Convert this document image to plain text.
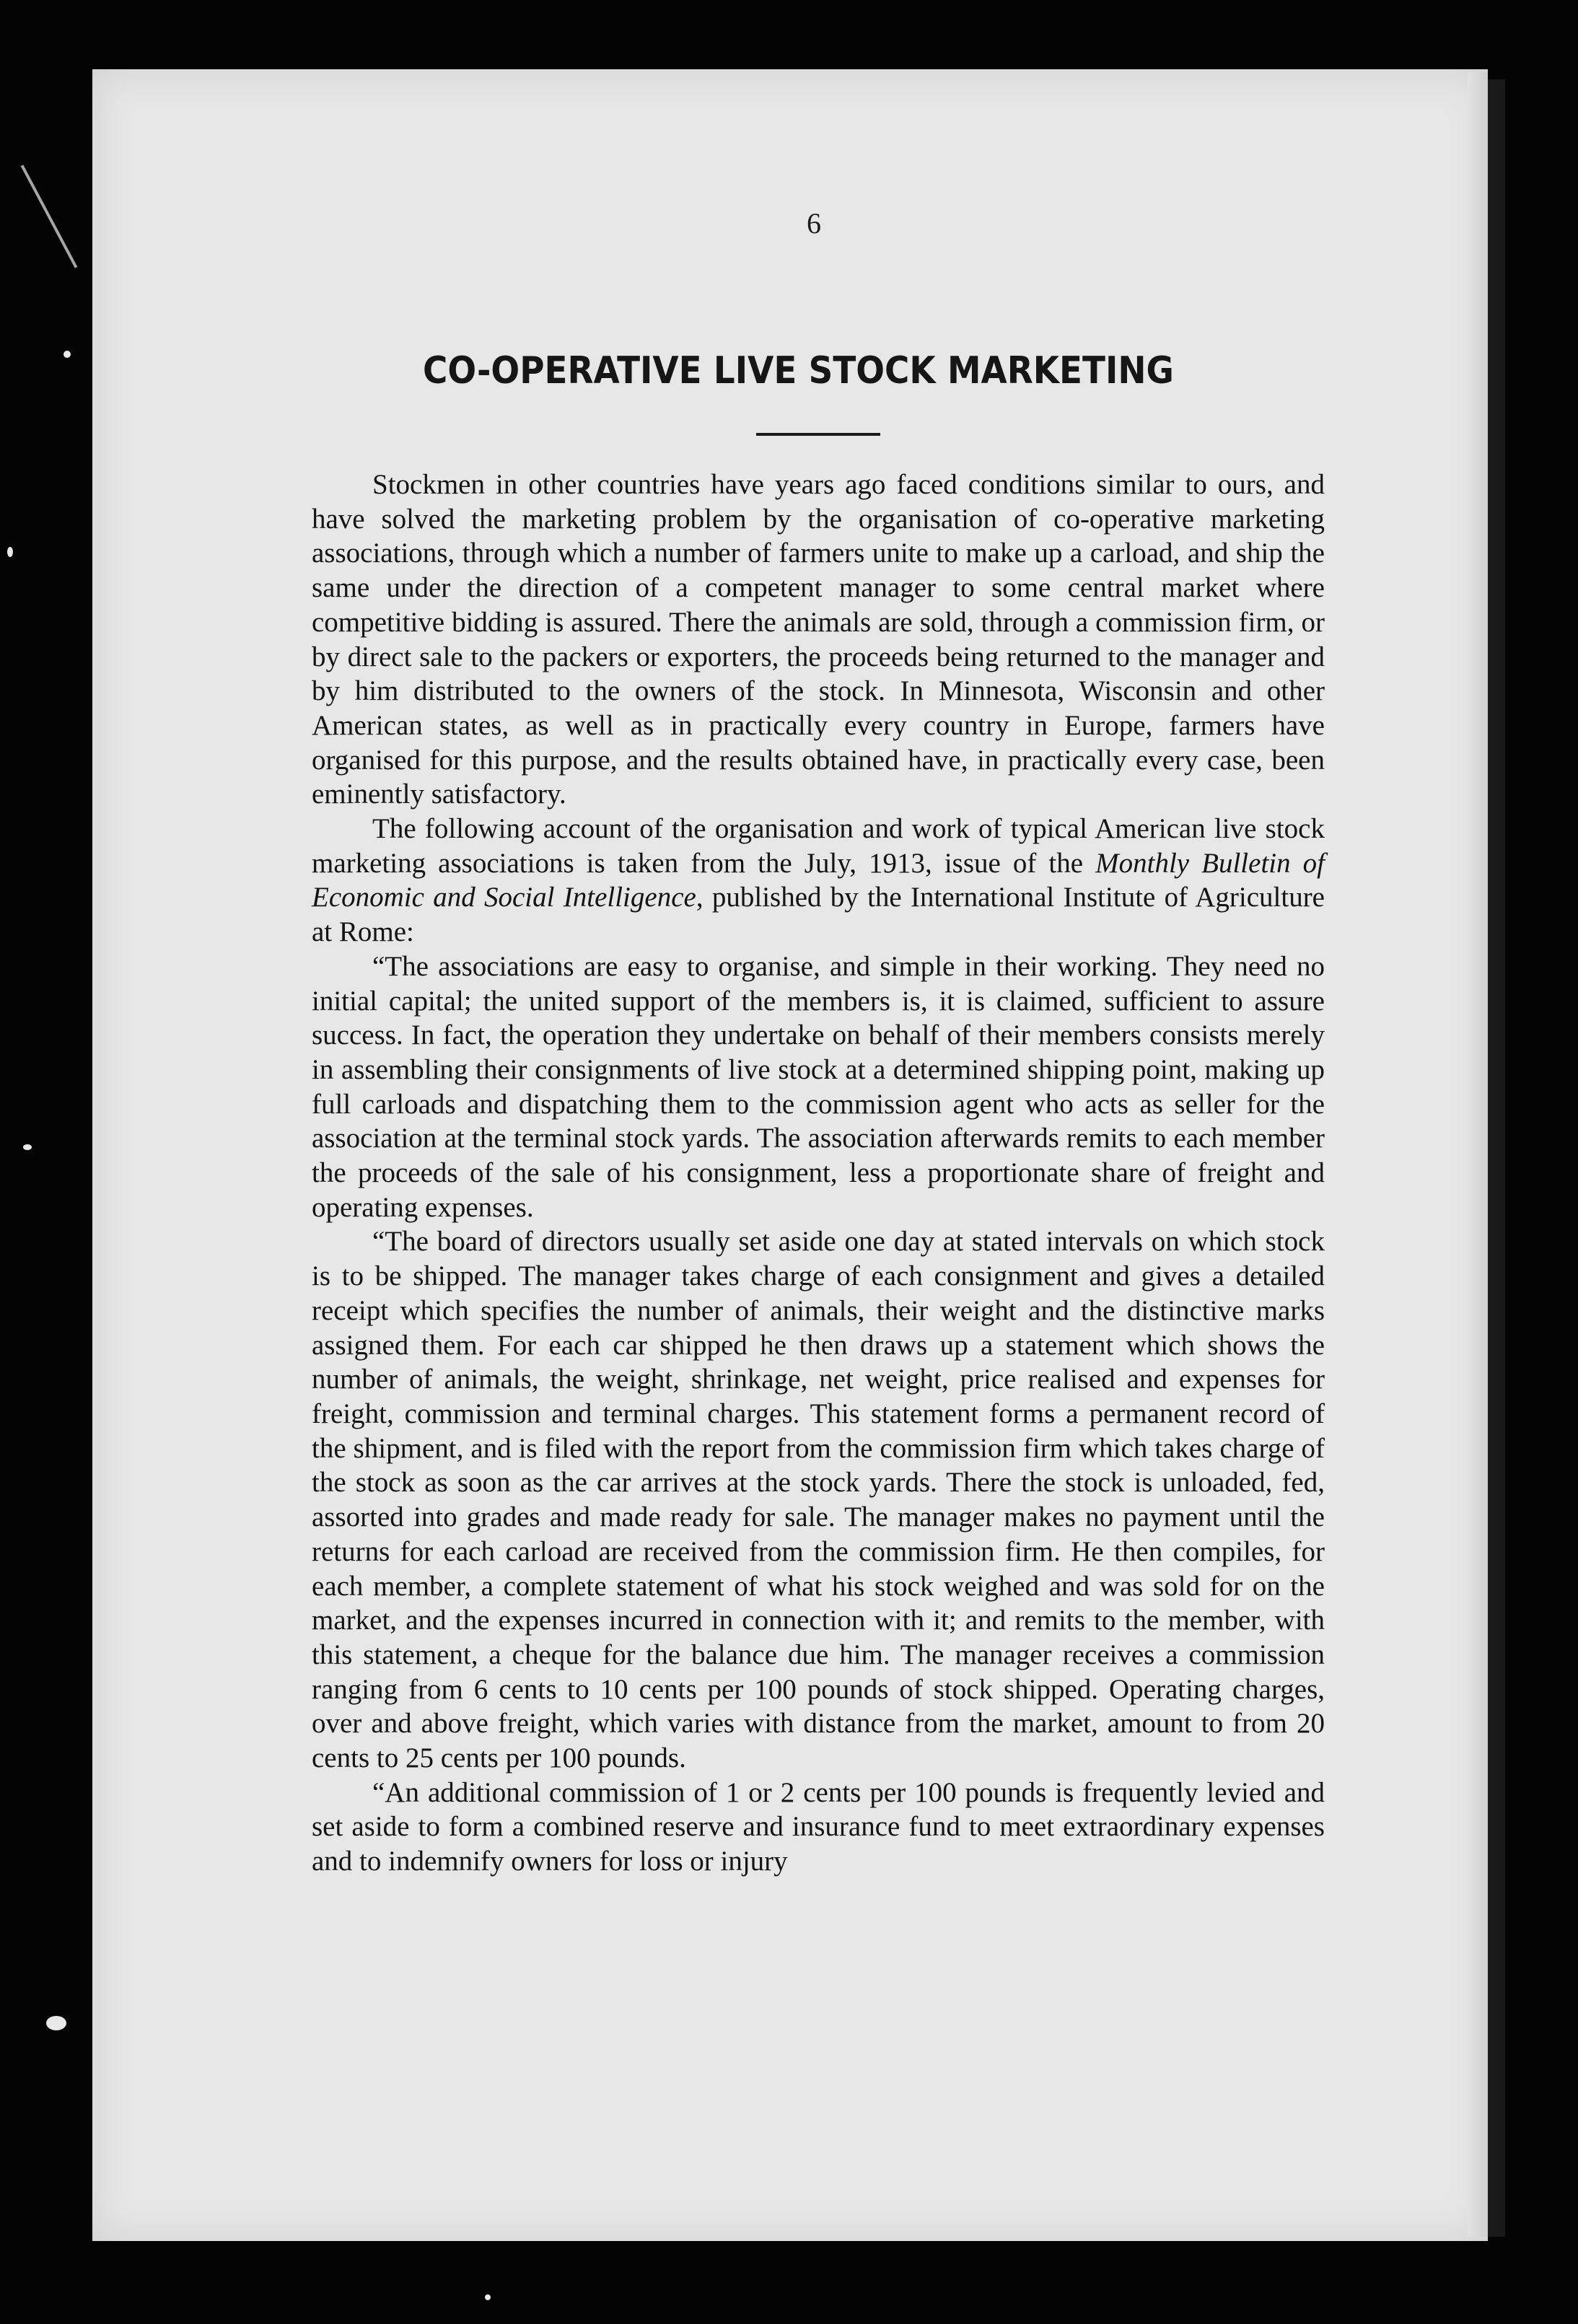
6
CO-OPERATIVE LIVE STOCK MARKETING

Stockmen in other countries have years ago faced conditions similar to ours, and have solved the marketing problem by the organisation of co-operative marketing associations, through which a number of farmers unite to make up a carload, and ship the same under the direction of a competent manager to some central market where competitive bidding is assured. There the animals are sold, through a commission firm, or by direct sale to the packers or exporters, the proceeds being returned to the manager and by him distributed to the owners of the stock. In Minnesota, Wisconsin and other American states, as well as in practically every country in Europe, farmers have organised for this purpose, and the results obtained have, in practically every case, been eminently satisfactory.

The following account of the organisation and work of typical American live stock marketing associations is taken from the July, 1913, issue of the Monthly Bulletin of Economic and Social Intelligence, published by the International Institute of Agriculture at Rome:

“The associations are easy to organise, and simple in their working. They need no initial capital; the united support of the members is, it is claimed, sufficient to assure success. In fact, the operation they undertake on behalf of their members consists merely in assembling their consignments of live stock at a determined shipping point, making up full carloads and dispatching them to the commission agent who acts as seller for the association at the terminal stock yards. The association afterwards remits to each member the proceeds of the sale of his consignment, less a proportionate share of freight and operating expenses.

“The board of directors usually set aside one day at stated intervals on which stock is to be shipped. The manager takes charge of each consignment and gives a detailed receipt which specifies the number of animals, their weight and the distinctive marks assigned them. For each car shipped he then draws up a statement which shows the number of animals, the weight, shrinkage, net weight, price realised and expenses for freight, commission and terminal charges. This statement forms a permanent record of the shipment, and is filed with the report from the commission firm which takes charge of the stock as soon as the car arrives at the stock yards. There the stock is unloaded, fed, assorted into grades and made ready for sale. The manager makes no payment until the returns for each carload are received from the commission firm. He then compiles, for each member, a complete statement of what his stock weighed and was sold for on the market, and the expenses incurred in connection with it; and remits to the member, with this statement, a cheque for the balance due him. The manager receives a commission ranging from 6 cents to 10 cents per 100 pounds of stock shipped. Operating charges, over and above freight, which varies with distance from the market, amount to from 20 cents to 25 cents per 100 pounds.

“An additional commission of 1 or 2 cents per 100 pounds is frequently levied and set aside to form a combined reserve and insurance fund to meet extraordinary expenses and to indemnify owners for loss or injury
